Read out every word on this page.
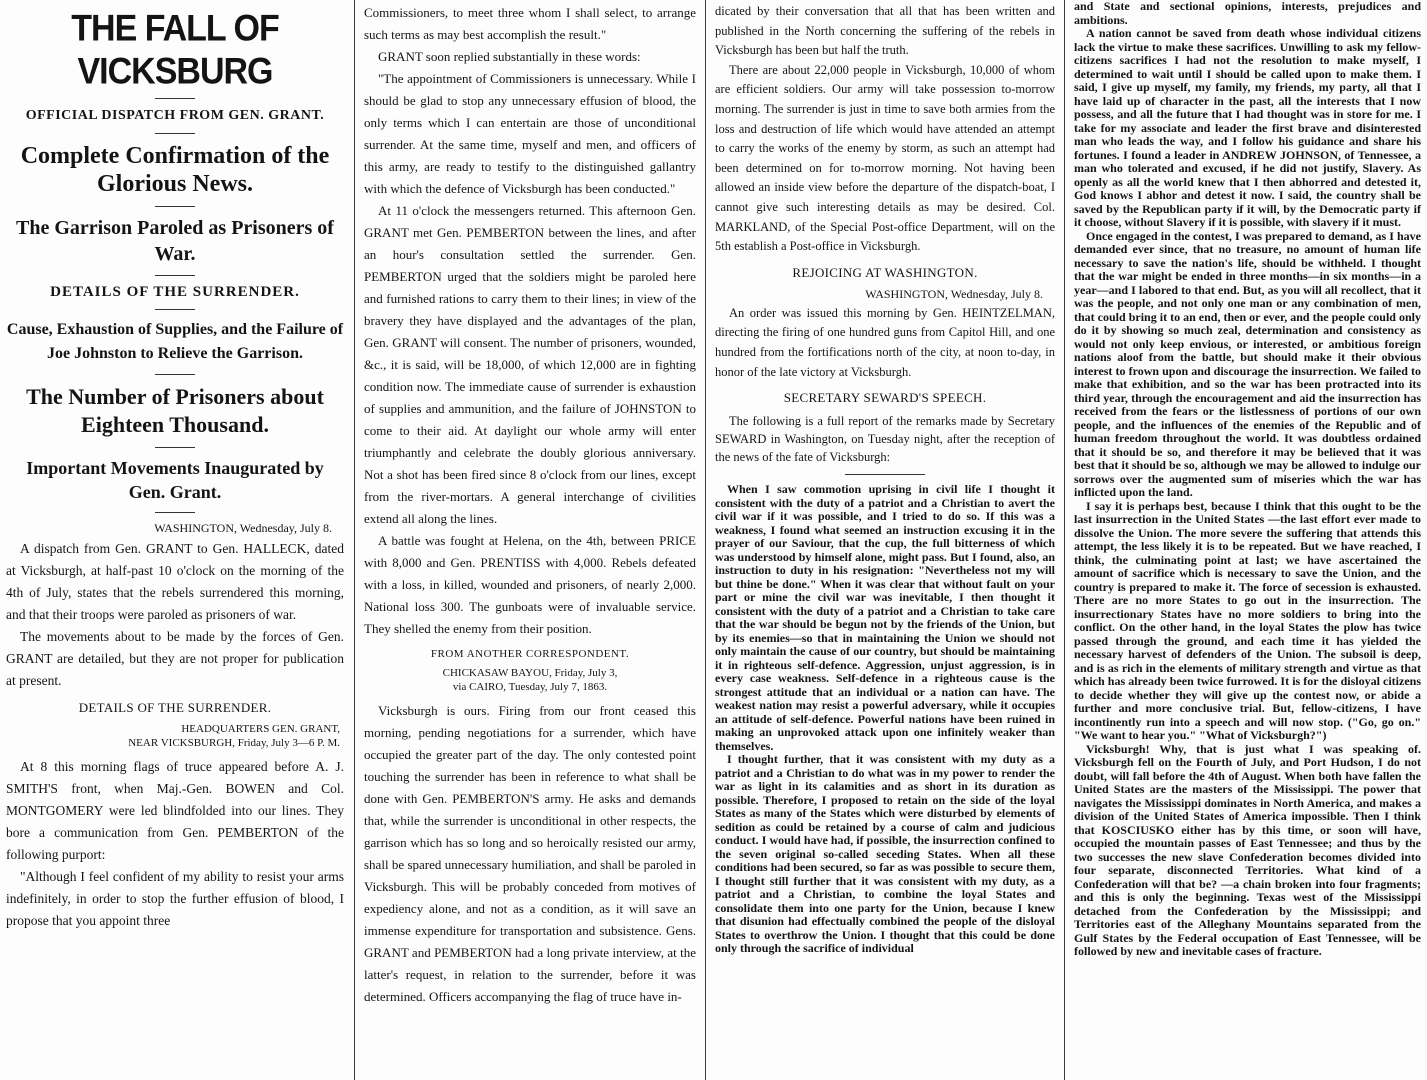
THE FALL OF VICKSBURG
OFFICIAL DISPATCH FROM GEN. GRANT.
Complete Confirmation of the Glorious News.
The Garrison Paroled as Prisoners of War.
DETAILS OF THE SURRENDER.
Cause, Exhaustion of Supplies, and the Failure of Joe Johnston to Relieve the Garrison.
The Number of Prisoners about Eighteen Thousand.
Important Movements Inaugurated by Gen. Grant.
WASHINGTON, Wednesday, July 8.

A dispatch from Gen. GRANT to Gen. HALLECK, dated at Vicksburgh, at half-past 10 o'clock on the morning of the 4th of July, states that the rebels surrendered this morning, and that their troops were paroled as prisoners of war.

The movements about to be made by the forces of Gen. GRANT are detailed, but they are not proper for publication at present.

DETAILS OF THE SURRENDER.
HEADQUARTERS GEN. GRANT,
NEAR VICKSBURGH, Friday, July 3—6 P. M.

At 8 this morning flags of truce appeared before A. J. SMITH'S front, when Maj.-Gen. BOWEN and Col. MONTGOMERY were led blindfolded into our lines. They bore a communication from Gen. PEMBERTON of the following purport:

"Although I feel confident of my ability to resist your arms indefinitely, in order to stop the further effusion of blood, I propose that you appoint three

Commissioners, to meet three whom I shall select, to arrange such terms as may best accomplish the result."

GRANT soon replied substantially in these words:

"The appointment of Commissioners is unnecessary. While I should be glad to stop any unnecessary effusion of blood, the only terms which I can entertain are those of unconditional surrender. At the same time, myself and men, and officers of this army, are ready to testify to the distinguished gallantry with which the defence of Vicksburgh has been conducted."

At 11 o'clock the messengers returned. This afternoon Gen. GRANT met Gen. PEMBERTON between the lines, and after an hour's consultation settled the surrender. Gen. PEMBERTON urged that the soldiers might be paroled here and furnished rations to carry them to their lines; in view of the bravery they have displayed and the advantages of the plan, Gen. GRANT will consent. The number of prisoners, wounded, &c., it is said, will be 18,000, of which 12,000 are in fighting condition now. The immediate cause of surrender is exhaustion of supplies and ammunition, and the failure of JOHNSTON to come to their aid. At daylight our whole army will enter triumphantly and celebrate the doubly glorious anniversary. Not a shot has been fired since 8 o'clock from our lines, except from the river-mortars. A general interchange of civilities extend all along the lines.

A battle was fought at Helena, on the 4th, between PRICE with 8,000 and Gen. PRENTISS with 4,000. Rebels defeated with a loss, in killed, wounded and prisoners, of nearly 2,000. National loss 300. The gunboats were of invaluable service. They shelled the enemy from their position.

FROM ANOTHER CORRESPONDENT.
CHICKASAW BAYOU, Friday, July 3,
via CAIRO, Tuesday, July 7, 1863.

Vicksburgh is ours. Firing from our front ceased this morning, pending negotiations for a surrender, which have occupied the greater part of the day. The only contested point touching the surrender has been in reference to what shall be done with Gen. PEMBERTON'S army. He asks and demands that, while the surrender is unconditional in other respects, the garrison which has so long and so heroically resisted our army, shall be spared unnecessary humiliation, and shall be paroled in Vicksburgh. This will be probably conceded from motives of expediency alone, and not as a condition, as it will save an immense expenditure for transportation and subsistence. Gens. GRANT and PEMBERTON had a long private interview, at the latter's request, in relation to the surrender, before it was determined. Officers accompanying the flag of truce have in-

dicated by their conversation that all that has been written and published in the North concerning the suffering of the rebels in Vicksburgh has been but half the truth.

There are about 22,000 people in Vicksburgh, 10,000 of whom are efficient soldiers. Our army will take possession to-morrow morning. The surrender is just in time to save both armies from the loss and destruction of life which would have attended an attempt to carry the works of the enemy by storm, as such an attempt had been determined on for to-morrow morning. Not having been allowed an inside view before the departure of the dispatch-boat, I cannot give such interesting details as may be desired. Col. MARKLAND, of the Special Post-office Department, will on the 5th establish a Post-office in Vicksburgh.

REJOICING AT WASHINGTON.
WASHINGTON, Wednesday, July 8.

An order was issued this morning by Gen. HEINTZELMAN, directing the firing of one hundred guns from Capitol Hill, and one hundred from the fortifications north of the city, at noon to-day, in honor of the late victory at Vicksburgh.

SECRETARY SEWARD'S SPEECH.

The following is a full report of the remarks made by Secretary SEWARD in Washington, on Tuesday night, after the reception of the news of the fate of Vicksburgh:

When I saw commotion uprising in civil life I thought it consistent with the duty of a patriot and a Christian to avert the civil war if it was possible, and I tried to do so. If this was a weakness, I found what seemed an instruction excusing it in the prayer of our Saviour, that the cup, the full bitterness of which was understood by himself alone, might pass. But I found, also, an instruction to duty in his resignation: "Nevertheless not my will but thine be done." When it was clear that without fault on your part or mine the civil war was inevitable, I then thought it consistent with the duty of a patriot and a Christian to take care that the war should be begun not by the friends of the Union, but by its enemies—so that in maintaining the Union we should not only maintain the cause of our country, but should be maintaining it in righteous self-defence. Aggression, unjust aggression, is in every case weakness. Self-defence in a righteous cause is the strongest attitude that an individual or a nation can have. The weakest nation may resist a powerful adversary, while it occupies an attitude of self-defence. Powerful nations have been ruined in making an unprovoked attack upon one infinitely weaker than themselves.

I thought further, that it was consistent with my duty as a patriot and a Christian to do what was in my power to render the war as light in its calamities and as short in its duration as possible. Therefore, I proposed to retain on the side of the loyal States as many of the States which were disturbed by elements of sedition as could be retained by a course of calm and judicious conduct. I would have had, if possible, the insurrection confined to the seven original so-called seceding States. When all these conditions had been secured, so far as was possible to secure them, I thought still further that it was consistent with my duty, as a patriot and a Christian, to combine the loyal States and consolidate them into one party for the Union, because I knew that disunion had effectually combined the people of the disloyal States to overthrow the Union. I thought that this could be done only through the sacrifice of individual

and State and sectional opinions, interests, prejudices and ambitions.

A nation cannot be saved from death whose individual citizens lack the virtue to make these sacrifices. Unwilling to ask my fellow-citizens sacrifices I had not the resolution to make myself, I determined to wait until I should be called upon to make them. I said, I give up myself, my family, my friends, my party, all that I have laid up of character in the past, all the interests that I now possess, and all the future that I had thought was in store for me. I take for my associate and leader the first brave and disinterested man who leads the way, and I follow his guidance and share his fortunes. I found a leader in ANDREW JOHNSON, of Tennessee, a man who tolerated and excused, if he did not justify, Slavery. As openly as all the world knew that I then abhorred and detested it, God knows I abhor and detest it now. I said, the country shall be saved by the Republican party if it will, by the Democratic party if it choose, without Slavery if it is possible, with slavery if it must.

Once engaged in the contest, I was prepared to demand, as I have demanded ever since, that no treasure, no amount of human life necessary to save the nation's life, should be withheld. I thought that the war might be ended in three months—in six months—in a year—and I labored to that end. But, as you will all recollect, that it was the people, and not only one man or any combination of men, that could bring it to an end, then or ever, and the people could only do it by showing so much zeal, determination and consistency as would not only keep envious, or interested, or ambitious foreign nations aloof from the battle, but should make it their obvious interest to frown upon and discourage the insurrection. We failed to make that exhibition, and so the war has been protracted into its third year, through the encouragement and aid the insurrection has received from the fears or the listlessness of portions of our own people, and the influences of the enemies of the Republic and of human freedom throughout the world. It was doubtless ordained that it should be so, and therefore it may be believed that it was best that it should be so, although we may be allowed to indulge our sorrows over the augmented sum of miseries which the war has inflicted upon the land.

I say it is perhaps best, because I think that this ought to be the last insurrection in the United States —the last effort ever made to dissolve the Union. The more severe the suffering that attends this attempt, the less likely it is to be repeated. But we have reached, I think, the culminating point at last; we have ascertained the amount of sacrifice which is necessary to save the Union, and the country is prepared to make it. The force of secession is exhausted. There are no more States to go out in the insurrection. The insurrectionary States have no more soldiers to bring into the conflict. On the other hand, in the loyal States the plow has twice passed through the ground, and each time it has yielded the necessary harvest of defenders of the Union. The subsoil is deep, and is as rich in the elements of military strength and virtue as that which has already been twice furrowed. It is for the disloyal citizens to decide whether they will give up the contest now, or abide a further and more conclusive trial. But, fellow-citizens, I have incontinently run into a speech and will now stop. ("Go, go on." "We want to hear you." "What of Vicksburgh?")

Vicksburgh! Why, that is just what I was speaking of. Vicksburgh fell on the Fourth of July, and Port Hudson, I do not doubt, will fall before the 4th of August. When both have fallen the United States are the masters of the Mississippi. The power that navigates the Mississippi dominates in North America, and makes a division of the United States of America impossible. Then I think that KOSCIUSKO either has by this time, or soon will have, occupied the mountain passes of East Tennessee; and thus by the two successes the new slave Confederation becomes divided into four separate, disconnected Territories. What kind of a Confederation will that be? —a chain broken into four fragments; and this is only the beginning. Texas west of the Mississippi detached from the Confederation by the Mississippi; and Territories east of the Alleghany Mountains separated from the Gulf States by the Federal occupation of East Tennessee, will be followed by new and inevitable cases of fracture.
